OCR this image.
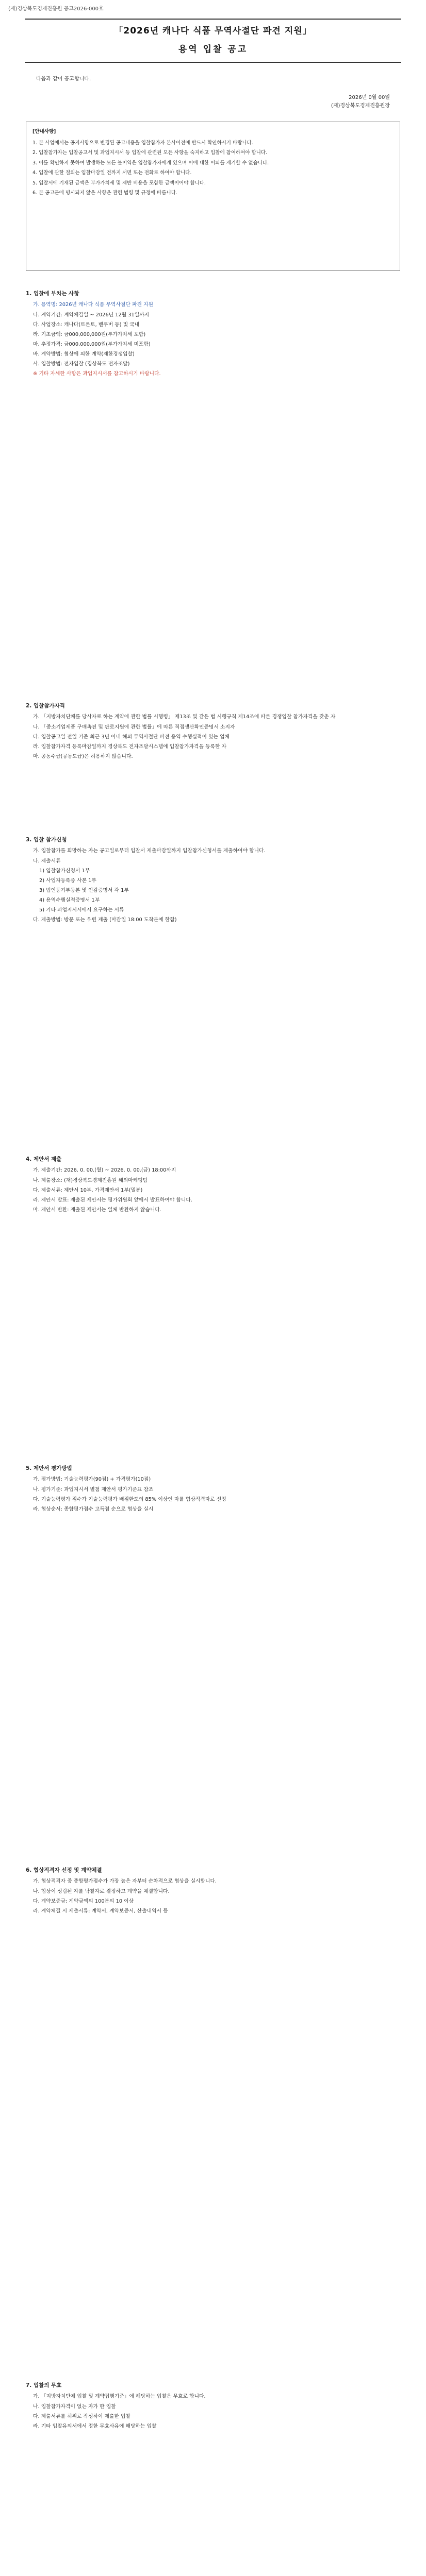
(재)경상북도경제진흥원 공고2026-000호
「2026년 캐나다 식품 무역사절단 파견 지원」
용역 입찰 공고
다음과 같이 공고합니다.
2026년 0월 00일
(재)경상북도경제진흥원장
[안내사항]

1. 본 사업에서는 공지사항으로 변경된 공고내용을 입찰참가자 본사이전에 반드시 확인하시기 바랍니다.

2. 입찰참가자는 입찰공고서 및 과업지시서 등 입찰에 관련된 모든 사항을 숙지하고 입찰에 참여하여야 합니다.

3. 이를 확인하지 못하여 발생하는 모든 불이익은 입찰참가자에게 있으며 이에 대한 이의를 제기할 수 없습니다.

4. 입찰에 관한 질의는 입찰마감일 전까지 서면 또는 전화로 하여야 합니다.

5. 입찰서에 기재된 금액은 부가가치세 및 제반 비용을 포함한 금액이어야 합니다.

6. 본 공고문에 명시되지 않은 사항은 관련 법령 및 규정에 따릅니다.

1. 입찰에 부치는 사항

가. 용역명: 2026년 캐나다 식품 무역사절단 파견 지원

나. 계약기간: 계약체결일 ~ 2026년 12월 31일까지

다. 사업장소: 캐나다(토론토, 밴쿠버 등) 및 국내

라. 기초금액: 금000,000,000원(부가가치세 포함)

마. 추정가격: 금000,000,000원(부가가치세 미포함)

바. 계약방법: 협상에 의한 계약(제한경쟁입찰)

사. 입찰방법: 전자입찰 (경상북도 전자조달)

※ 기타 자세한 사항은 과업지시서를 참고하시기 바랍니다.

2. 입찰참가자격

가. 「지방자치단체를 당사자로 하는 계약에 관한 법률 시행령」 제13조 및 같은 법 시행규칙 제14조에 따른 경쟁입찰 참가자격을 갖춘 자

나. 「중소기업제품 구매촉진 및 판로지원에 관한 법률」에 따른 직접생산확인증명서 소지자

다. 입찰공고일 전일 기준 최근 3년 이내 해외 무역사절단 파견 용역 수행실적이 있는 업체

라. 입찰참가자격 등록마감일까지 경상북도 전자조달시스템에 입찰참가자격을 등록한 자

마. 공동수급(공동도급)은 허용하지 않습니다.

3. 입찰 참가신청

가. 입찰참가를 희망하는 자는 공고일로부터 입찰서 제출마감일까지 입찰참가신청서를 제출하여야 합니다.

나. 제출서류

1) 입찰참가신청서 1부

2) 사업자등록증 사본 1부

3) 법인등기부등본 및 인감증명서 각 1부

4) 용역수행실적증명서 1부

5) 기타 과업지시서에서 요구하는 서류

다. 제출방법: 방문 또는 우편 제출 (마감일 18:00 도착분에 한함)

4. 제안서 제출

가. 제출기간: 2026. 0. 00.(월) ~ 2026. 0. 00.(금) 18:00까지

나. 제출장소: (재)경상북도경제진흥원 해외마케팅팀

다. 제출서류: 제안서 10부, 가격제안서 1부(밀봉)

라. 제안서 발표: 제출된 제안서는 평가위원회 앞에서 발표하여야 합니다.

마. 제안서 반환: 제출된 제안서는 일체 반환하지 않습니다.

5. 제안서 평가방법

가. 평가방법: 기술능력평가(90점) + 가격평가(10점)

나. 평가기준: 과업지시서 별첨 제안서 평가기준표 참조

다. 기술능력평가 점수가 기술능력평가 배점한도의 85% 이상인 자를 협상적격자로 선정

라. 협상순서: 종합평가점수 고득점 순으로 협상을 실시

6. 협상적격자 선정 및 계약체결

가. 협상적격자 중 종합평가점수가 가장 높은 자부터 순차적으로 협상을 실시합니다.

나. 협상이 성립된 자를 낙찰자로 결정하고 계약을 체결합니다.

다. 계약보증금: 계약금액의 100분의 10 이상

라. 계약체결 시 제출서류: 계약서, 계약보증서, 산출내역서 등

7. 입찰의 무효

가. 「지방자치단체 입찰 및 계약집행기준」에 해당하는 입찰은 무효로 합니다.

나. 입찰참가자격이 없는 자가 한 입찰

다. 제출서류를 허위로 작성하여 제출한 입찰

라. 기타 입찰유의서에서 정한 무효사유에 해당하는 입찰
